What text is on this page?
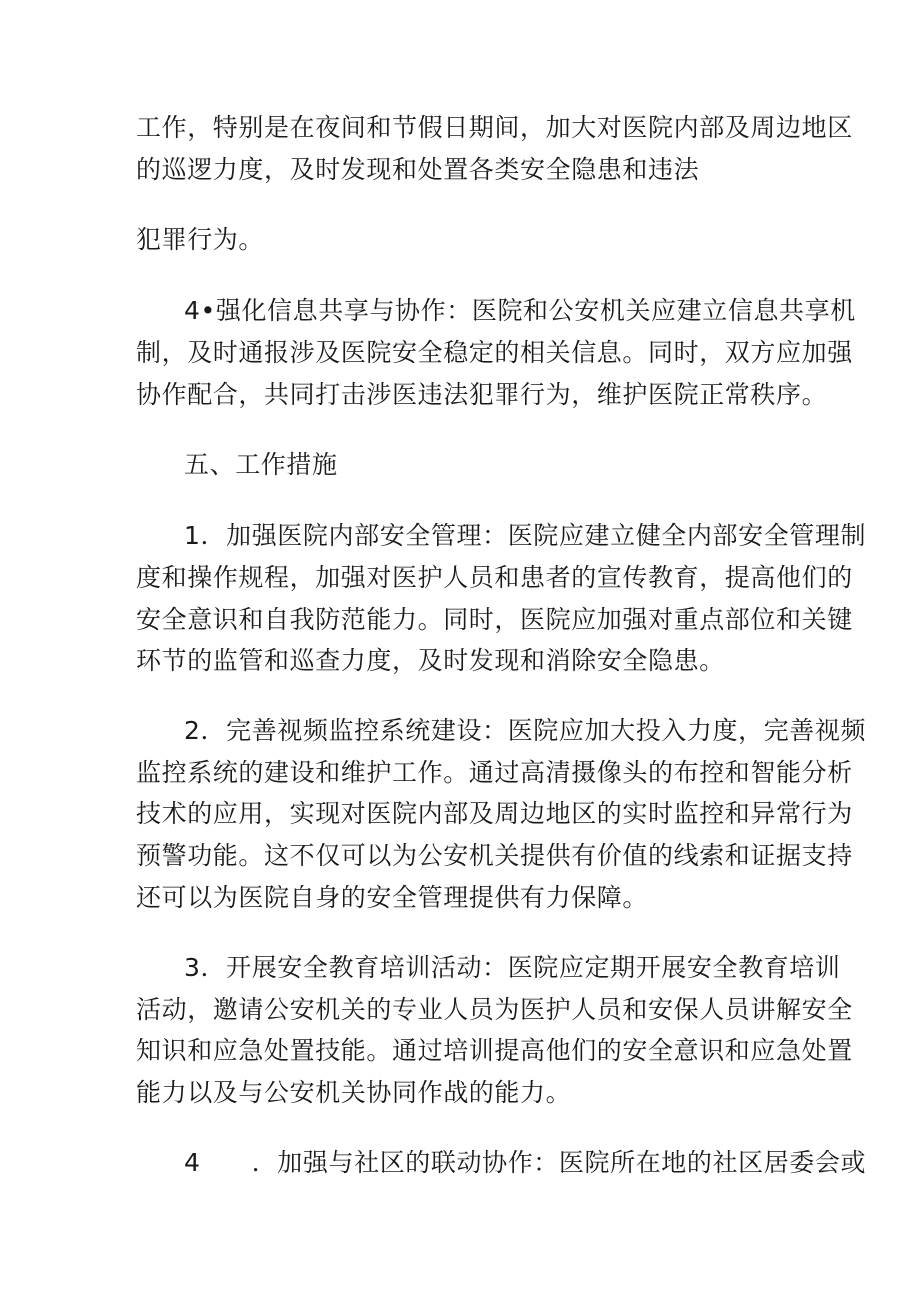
工作，特别是在夜间和节假日期间，加大对医院内部及周边地区
的巡逻力度，及时发现和处置各类安全隐患和违法
犯罪行为。
4•强化信息共享与协作：医院和公安机关应建立信息共享机
制，及时通报涉及医院安全稳定的相关信息。同时，双方应加强
协作配合，共同打击涉医违法犯罪行为，维护医院正常秩序。
五、工作措施
1．加强医院内部安全管理：医院应建立健全内部安全管理制
度和操作规程，加强对医护人员和患者的宣传教育，提高他们的
安全意识和自我防范能力。同时，医院应加强对重点部位和关键
环节的监管和巡查力度，及时发现和消除安全隐患。
2．完善视频监控系统建设：医院应加大投入力度，完善视频
监控系统的建设和维护工作。通过高清摄像头的布控和智能分析
技术的应用，实现对医院内部及周边地区的实时监控和异常行为
预警功能。这不仅可以为公安机关提供有价值的线索和证据支持
还可以为医院自身的安全管理提供有力保障。
3．开展安全教育培训活动：医院应定期开展安全教育培训
活动，邀请公安机关的专业人员为医护人员和安保人员讲解安全
知识和应急处置技能。通过培训提高他们的安全意识和应急处置
能力以及与公安机关协同作战的能力。
4　　．加强与社区的联动协作：医院所在地的社区居委会或
